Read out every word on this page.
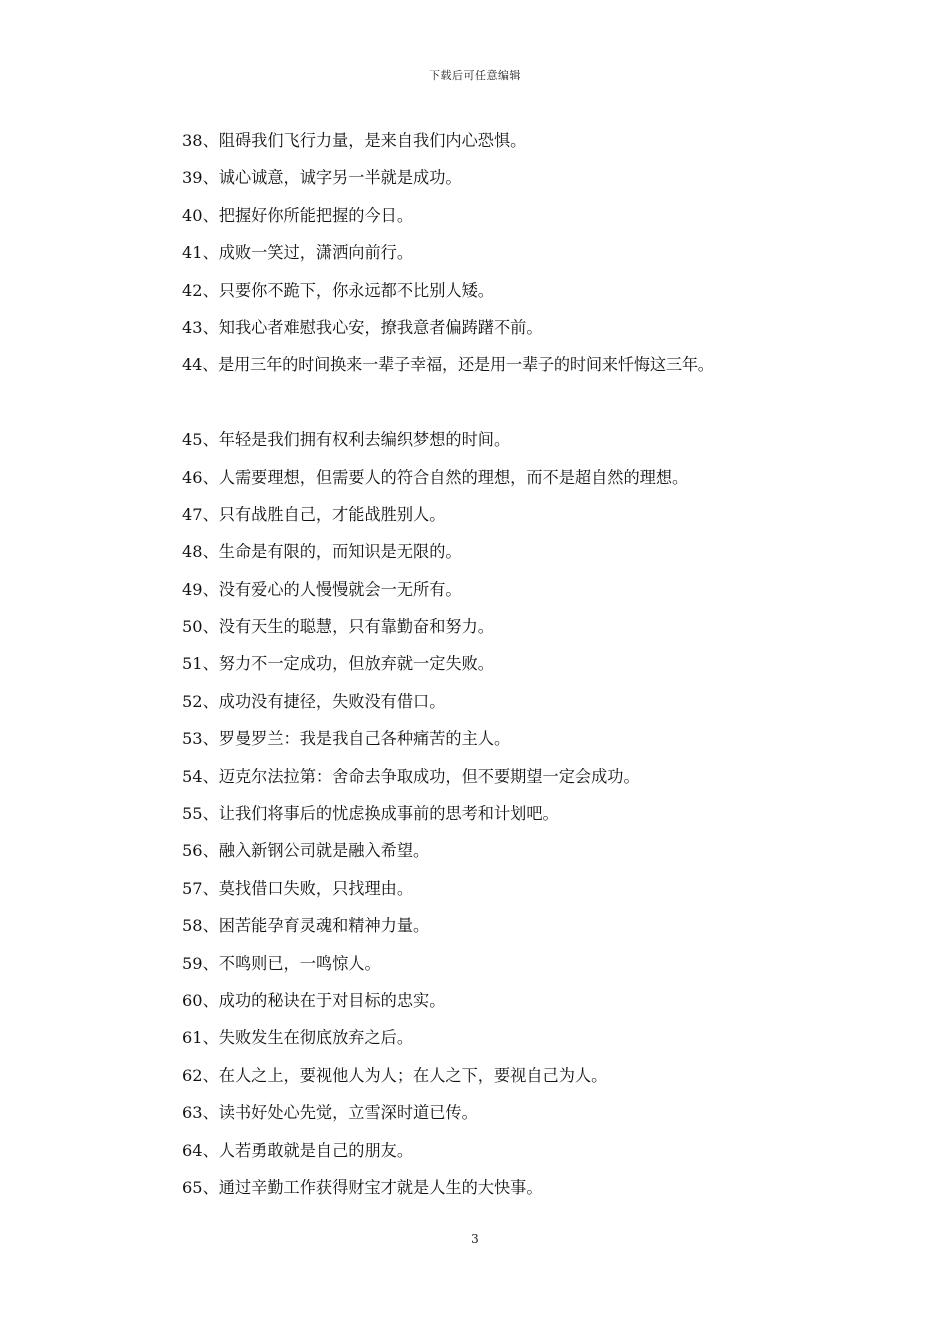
下载后可任意编辑
38、阻碍我们飞行力量，是来自我们内心恐惧。
39、诚心诚意，诚字另一半就是成功。
40、把握好你所能把握的今日。
41、成败一笑过，潇洒向前行。
42、只要你不跪下，你永远都不比别人矮。
43、知我心者难慰我心安，撩我意者偏踌躇不前。
44、是用三年的时间换来一辈子幸福，还是用一辈子的时间来忏悔这三年。
45、年轻是我们拥有权利去编织梦想的时间。
46、人需要理想，但需要人的符合自然的理想，而不是超自然的理想。
47、只有战胜自己，才能战胜别人。
48、生命是有限的，而知识是无限的。
49、没有爱心的人慢慢就会一无所有。
50、没有天生的聪慧，只有靠勤奋和努力。
51、努力不一定成功，但放弃就一定失败。
52、成功没有捷径，失败没有借口。
53、罗曼罗兰：我是我自己各种痛苦的主人。
54、迈克尔法拉第：舍命去争取成功，但不要期望一定会成功。
55、让我们将事后的忧虑换成事前的思考和计划吧。
56、融入新钢公司就是融入希望。
57、莫找借口失败，只找理由。
58、困苦能孕育灵魂和精神力量。
59、不鸣则已，一鸣惊人。
60、成功的秘诀在于对目标的忠实。
61、失败发生在彻底放弃之后。
62、在人之上，要视他人为人；在人之下，要视自己为人。
63、读书好处心先觉，立雪深时道已传。
64、人若勇敢就是自己的朋友。
65、通过辛勤工作获得财宝才就是人生的大快事。
3
